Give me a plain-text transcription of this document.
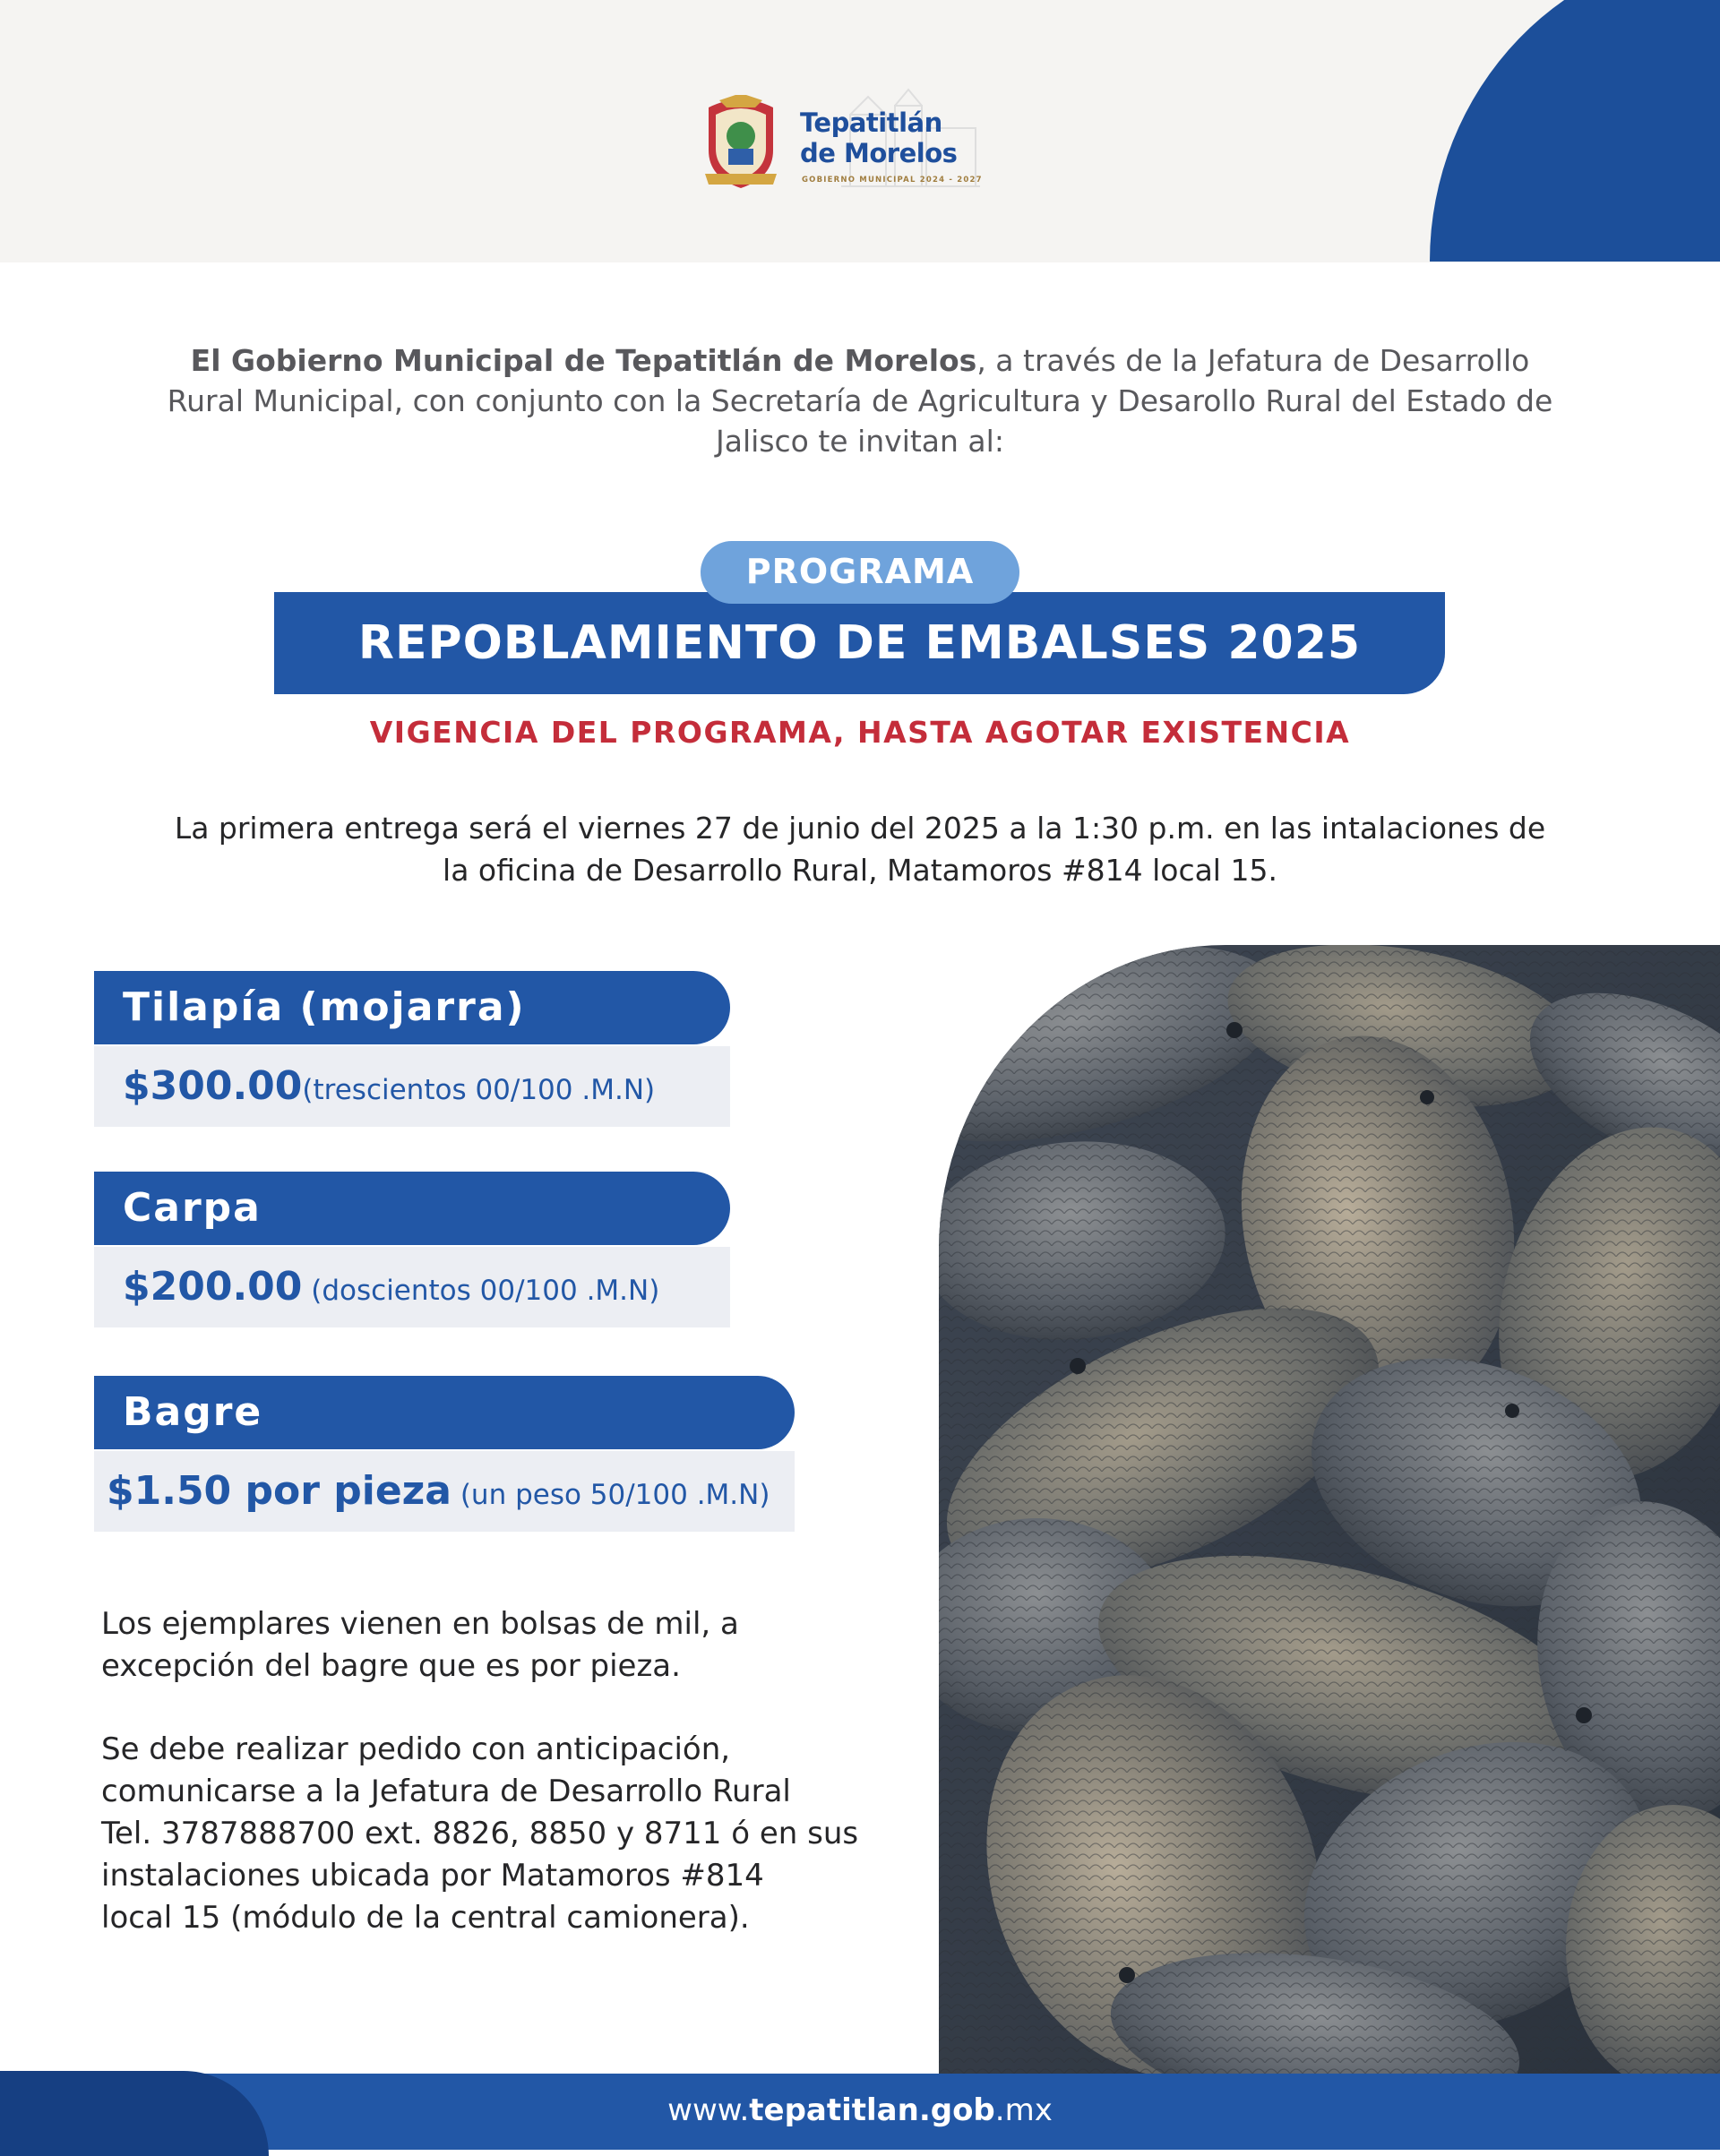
Tepatitlán
de Morelos
GOBIERNO MUNICIPAL 2024 - 2027
El Gobierno Municipal de Tepatitlán de Morelos, a través de la Jefatura de Desarrollo Rural Municipal, con conjunto con la Secretaría de Agricultura y Desarollo Rural del Estado de Jalisco te invitan al:
REPOBLAMIENTO DE EMBALSES 2025
PROGRAMA
VIGENCIA DEL PROGRAMA, HASTA AGOTAR EXISTENCIA
La primera entrega será el viernes 27 de junio del 2025 a la 1:30 p.m. en las intalaciones de
la oficina de Desarrollo Rural, Matamoros #814 local 15.
Tilapía (mojarra)
$300.00(trescientos 00/100 .M.N)
Carpa
$200.00 (doscientos 00/100 .M.N)
Bagre
$1.50 por pieza (un peso 50/100 .M.N)
Los ejemplares vienen en bolsas de mil, a
excepción del bagre que es por pieza.
Se debe realizar pedido con anticipación,
comunicarse a la Jefatura de Desarrollo Rural
Tel. 3787888700 ext. 8826, 8850 y 8711 ó en sus
instalaciones ubicada por Matamoros #814
local 15 (módulo de la central camionera).
www.tepatitlan.gob.mx
